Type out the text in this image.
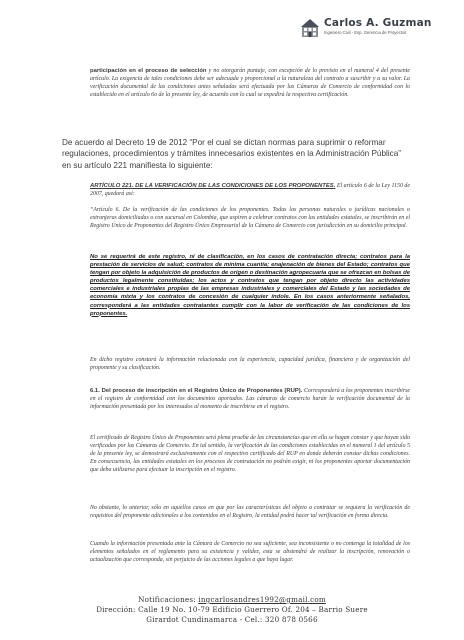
Carlos A. Guzman
Ingeniero Civil - Esp. Gerencia de Proyectos

participación en el proceso de selección y no otorgarán puntaje, con excepción de lo previsto en el numeral 4 del presente artículo. La exigencia de tales condiciones debe ser adecuada y proporcional a la naturaleza del contrato a suscribir y a su valor. La verificación documental de las condiciones antes señaladas será efectuada por las Cámaras de Comercio de conformidad con lo establecido en el artículo 6o de la presente ley, de acuerdo con lo cual se expedirá la respectiva certificación.

De acuerdo al Decreto 19 de 2012 “Por el cual se dictan normas para suprimir o reformar regulaciones, procedimientos y trámites innecesarios existentes en la Administración Pública” en su artículo 221 manifiesta lo siguiente:

ARTÍCULO 221. DE LA VERIFICACIÓN DE LAS CONDICIONES DE LOS PROPONENTES. El artículo 6 de la Ley 1150 de 2007, quedará así:

“Artículo 6. De la verificación de las condiciones de los proponentes. Todas las personas naturales o jurídicas nacionales o extranjeras domiciliadas o con sucursal en Colombia, que aspiren a celebrar contratos con las entidades estatales, se inscribirán en el Registro Único de Proponentes del Registro Único Empresarial de la Cámara de Comercio con jurisdicción en su domicilio principal.

No se requerirá de este registro, ni de clasificación, en los casos de contratación directa; contratos para la prestación de servicios de salud; contratos de mínima cuantía; enajenación de bienes del Estado; contratos que tengan por objeto la adquisición de productos de origen o destinación agropecuaria que se ofrezcan en bolsas de productos legalmente constituidas; los actos y contratos que tengan por objeto directo las actividades comerciales e industriales propias de las empresas industriales y comerciales del Estado y las sociedades de economía mixta y los contratos de concesión de cualquier índole. En los casos anteriormente señalados, corresponderá a las entidades contratantes cumplir con la labor de verificación de las condiciones de los proponentes.

En dicho registro constará la información relacionada con la experiencia, capacidad jurídica, financiera y de organización del proponente y su clasificación.

6.1. Del proceso de inscripción en el Registro Único de Proponentes (RUP). Corresponderá a los proponentes inscribirse en el registro de conformidad con los documentos aportados. Las cámaras de comercio harán la verificación documental de la información presentada por los interesados al momento de inscribirse en el registro.

El certificado de Registro Único de Proponentes será plena prueba de las circunstancias que en ella se hagan constar y que hayan sido verificadas por las Cámaras de Comercio. En tal sentido, la verificación de las condiciones establecidas en el numeral 1 del artículo 5 de la presente ley, se demostrará exclusivamente con el respectivo certificado del RUP en donde deberán constar dichas condiciones. En consecuencia, las entidades estatales en los procesos de contratación no podrán exigir, ni los proponentes aportar documentación que deba utilizarse para efectuar la inscripción en el registro.

No obstante, lo anterior, sólo en aquellos casos en que por las características del objeto a contratar se requiera la verificación de requisitos del proponente adicionales a los contenidos en el Registro, la entidad podrá hacer tal verificación en forma directa.

Cuando la información presentada ante la Cámara de Comercio no sea suficiente, sea inconsistente o no contenga la totalidad de los elementos señalados en el reglamento para su existencia y validez, esta se abstendrá de realizar la inscripción, renovación o actualización que corresponda, sin perjuicio de las acciones legales a que haya lugar.

Notificaciones: ingcarlosandres1992@gmail.com
Dirección: Calle 19 No. 10-79 Edificio Guerrero Of. 204 – Barrio Suere
Girardot Cundinamarca - Cel.: 320 878 0566
